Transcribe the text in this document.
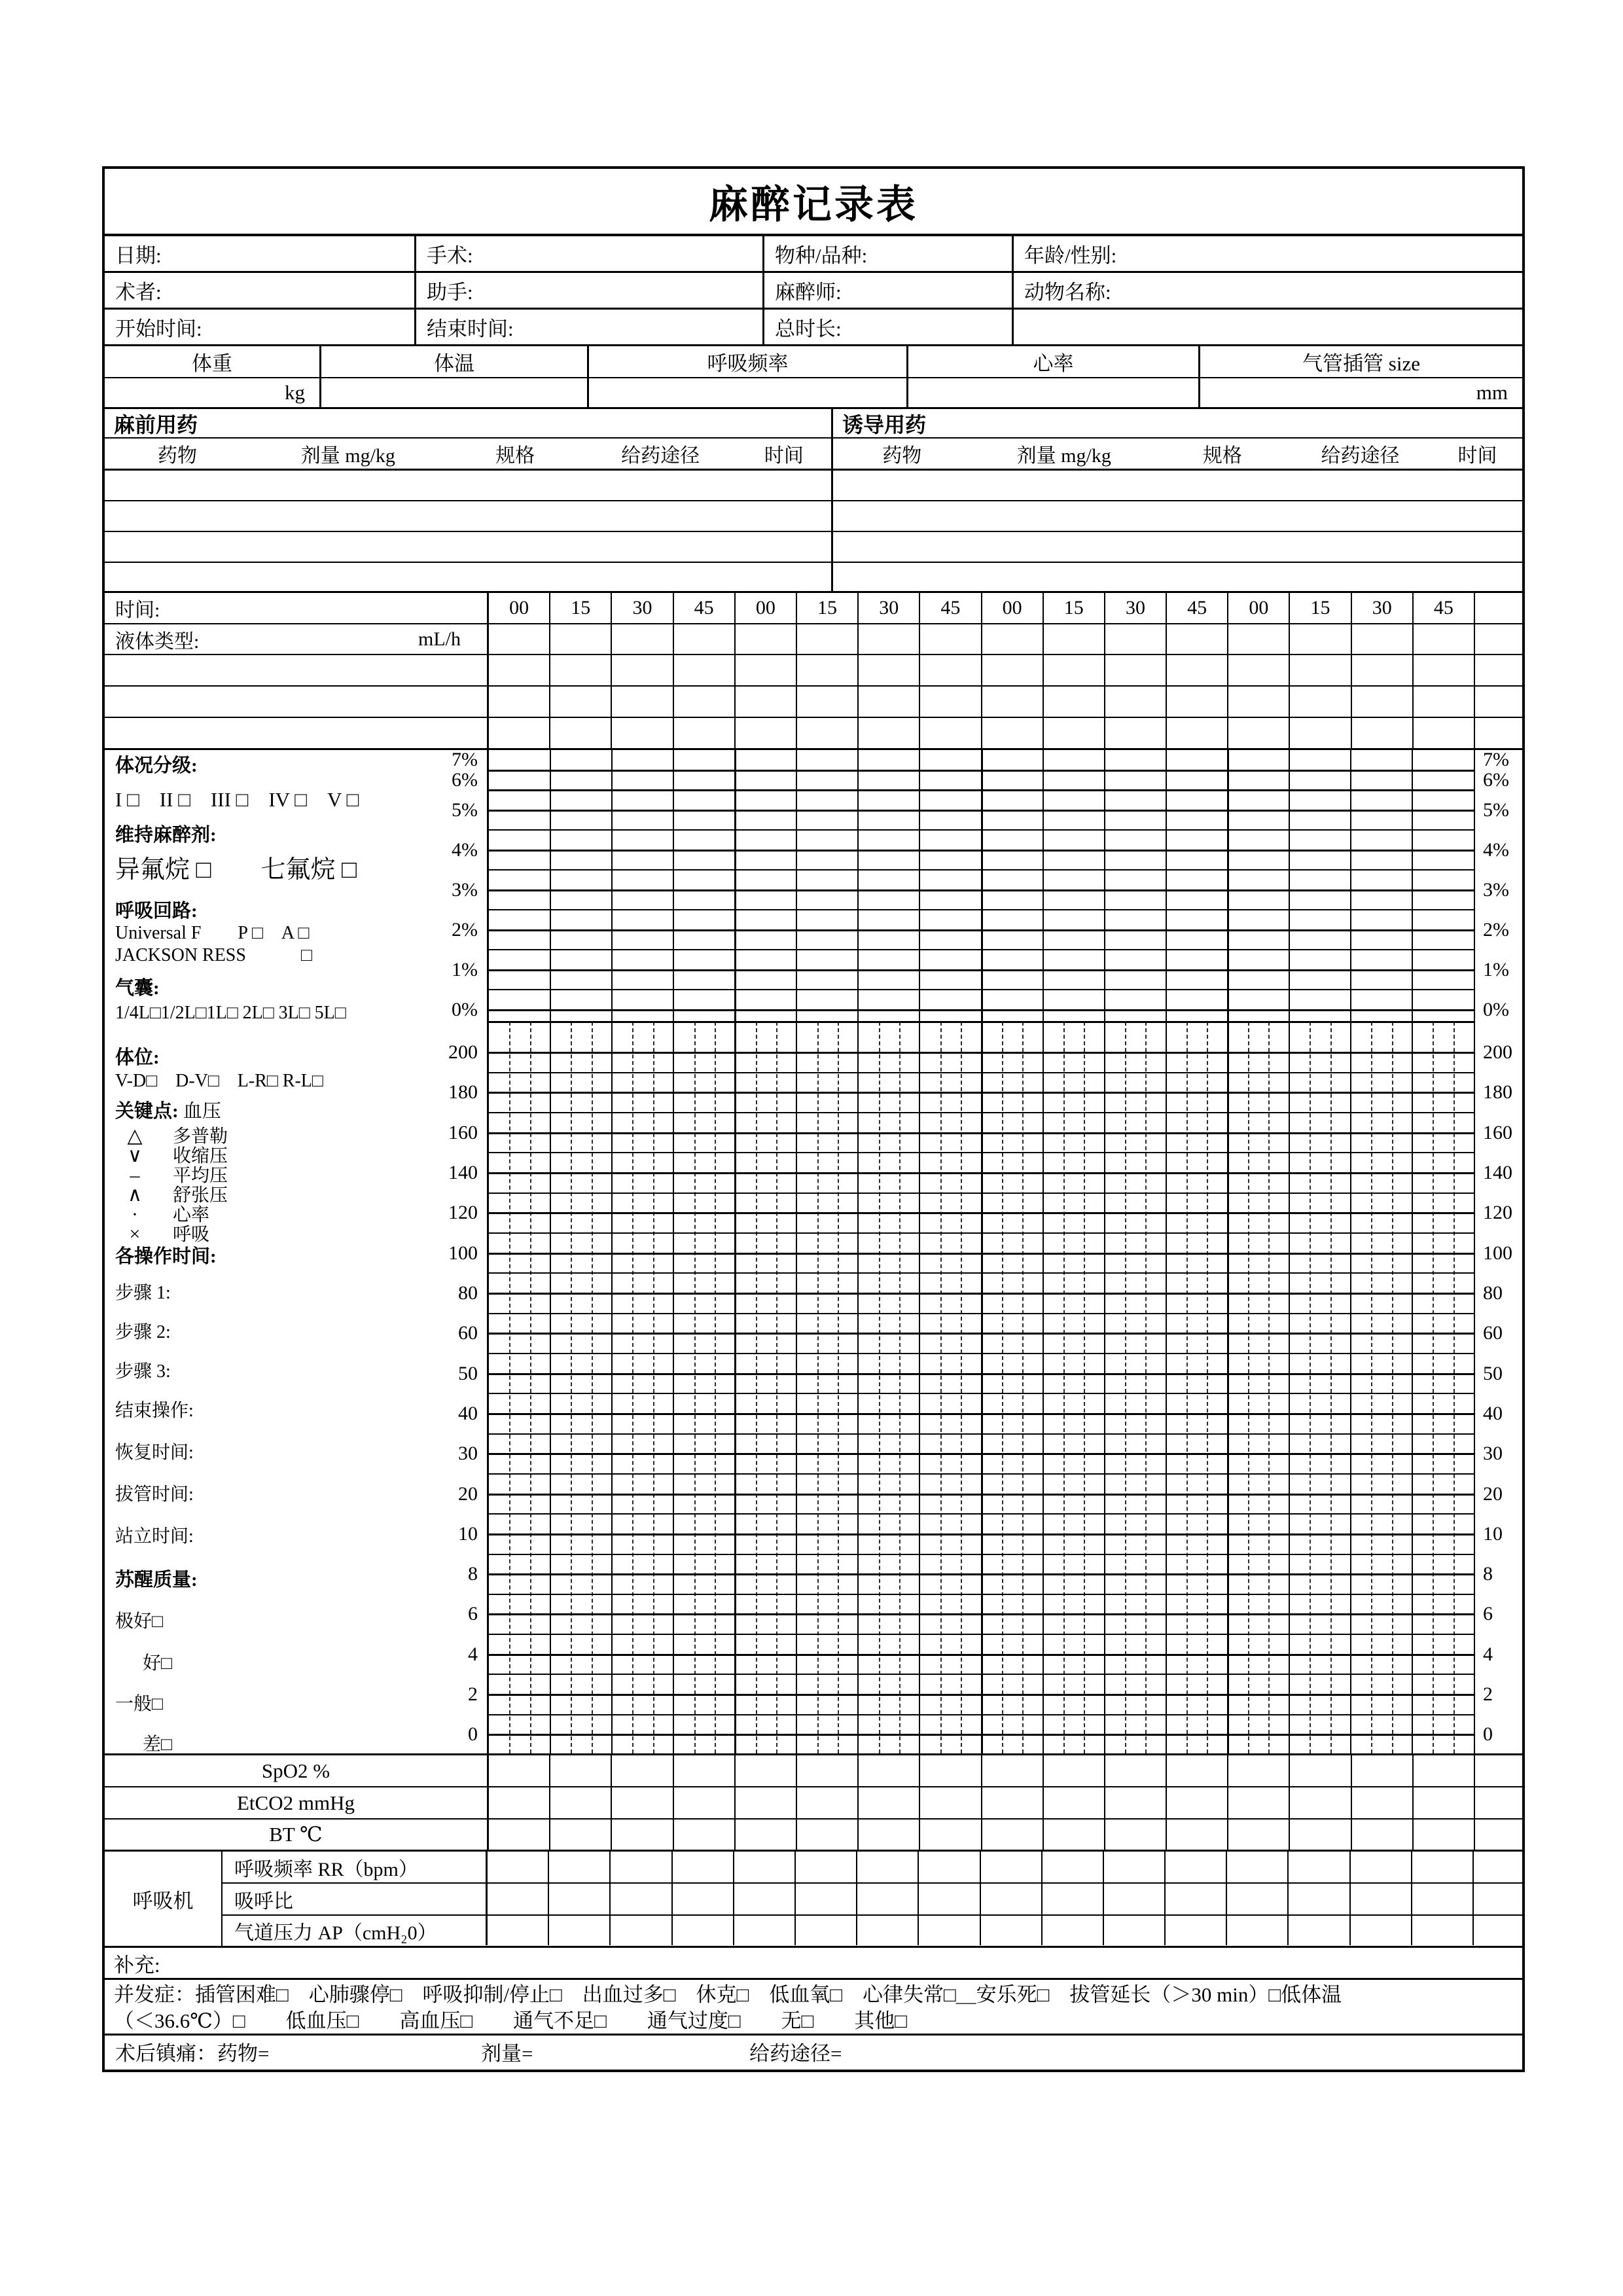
麻醉记录表
日期:	手术:	物种/品种:	年龄/性别:
术者:	助手:	麻醉师:	动物名称:
开始时间:	结束时间:	总时长:
体重	体温	呼吸频率	心率	气管插管 size
kg	mm
麻前用药	诱导用药
药物	剂量 mg/kg	规格	给药途径	时间	药物	剂量 mg/kg	规格	给药途径	时间
时间:	00	15	30	45	00	15	30	45	00	15	30	45	00	15	30	45
液体类型:	mL/h
7%
6%
5%
4%
3%
2%
1%
0%
200
180
160
140
120
100
80
60
50
40
30
20
10
8
6
4
2
0
体况分级:
I □　II □　III □　IV □　V □
维持麻醉剂:
异氟烷 □　　七氟烷 □
呼吸回路:
Universal F　　P □　A □
JACKSON RESS　　　□
气囊:
1/4L□1/2L□1L□ 2L□ 3L□ 5L□
体位:
V-D□　D-V□　L-R□ R-L□
关键点: 血压
△ 多普勒
∨ 收缩压
– 平均压
∧ 舒张压
· 心率
× 呼吸
各操作时间:
步骤 1:
步骤 2:
步骤 3:
结束操作:
恢复时间:
拔管时间:
站立时间:
苏醒质量:
极好□
好□
一般□
差□
7%
6%
5%
4%
3%
2%
1%
0%
200
180
160
140
120
100
80
60
50
40
30
20
10
8
6
4
2
0
SpO2 %
EtCO2 mmHg
BT ℃
呼吸机
呼吸频率 RR（bpm）
吸呼比
气道压力 AP（cmH₂0）
补充:
并发症：插管困难□　心肺骤停□　呼吸抑制/停止□　出血过多□　休克□　低血氧□　心律失常□＿安乐死□　拔管延长（＞30 min）□低体温
（＜36.6℃）□　　低血压□　　高血压□　　通气不足□　　通气过度□　　无□　　其他□
术后镇痛： 药物=	剂量=	给药途径=
